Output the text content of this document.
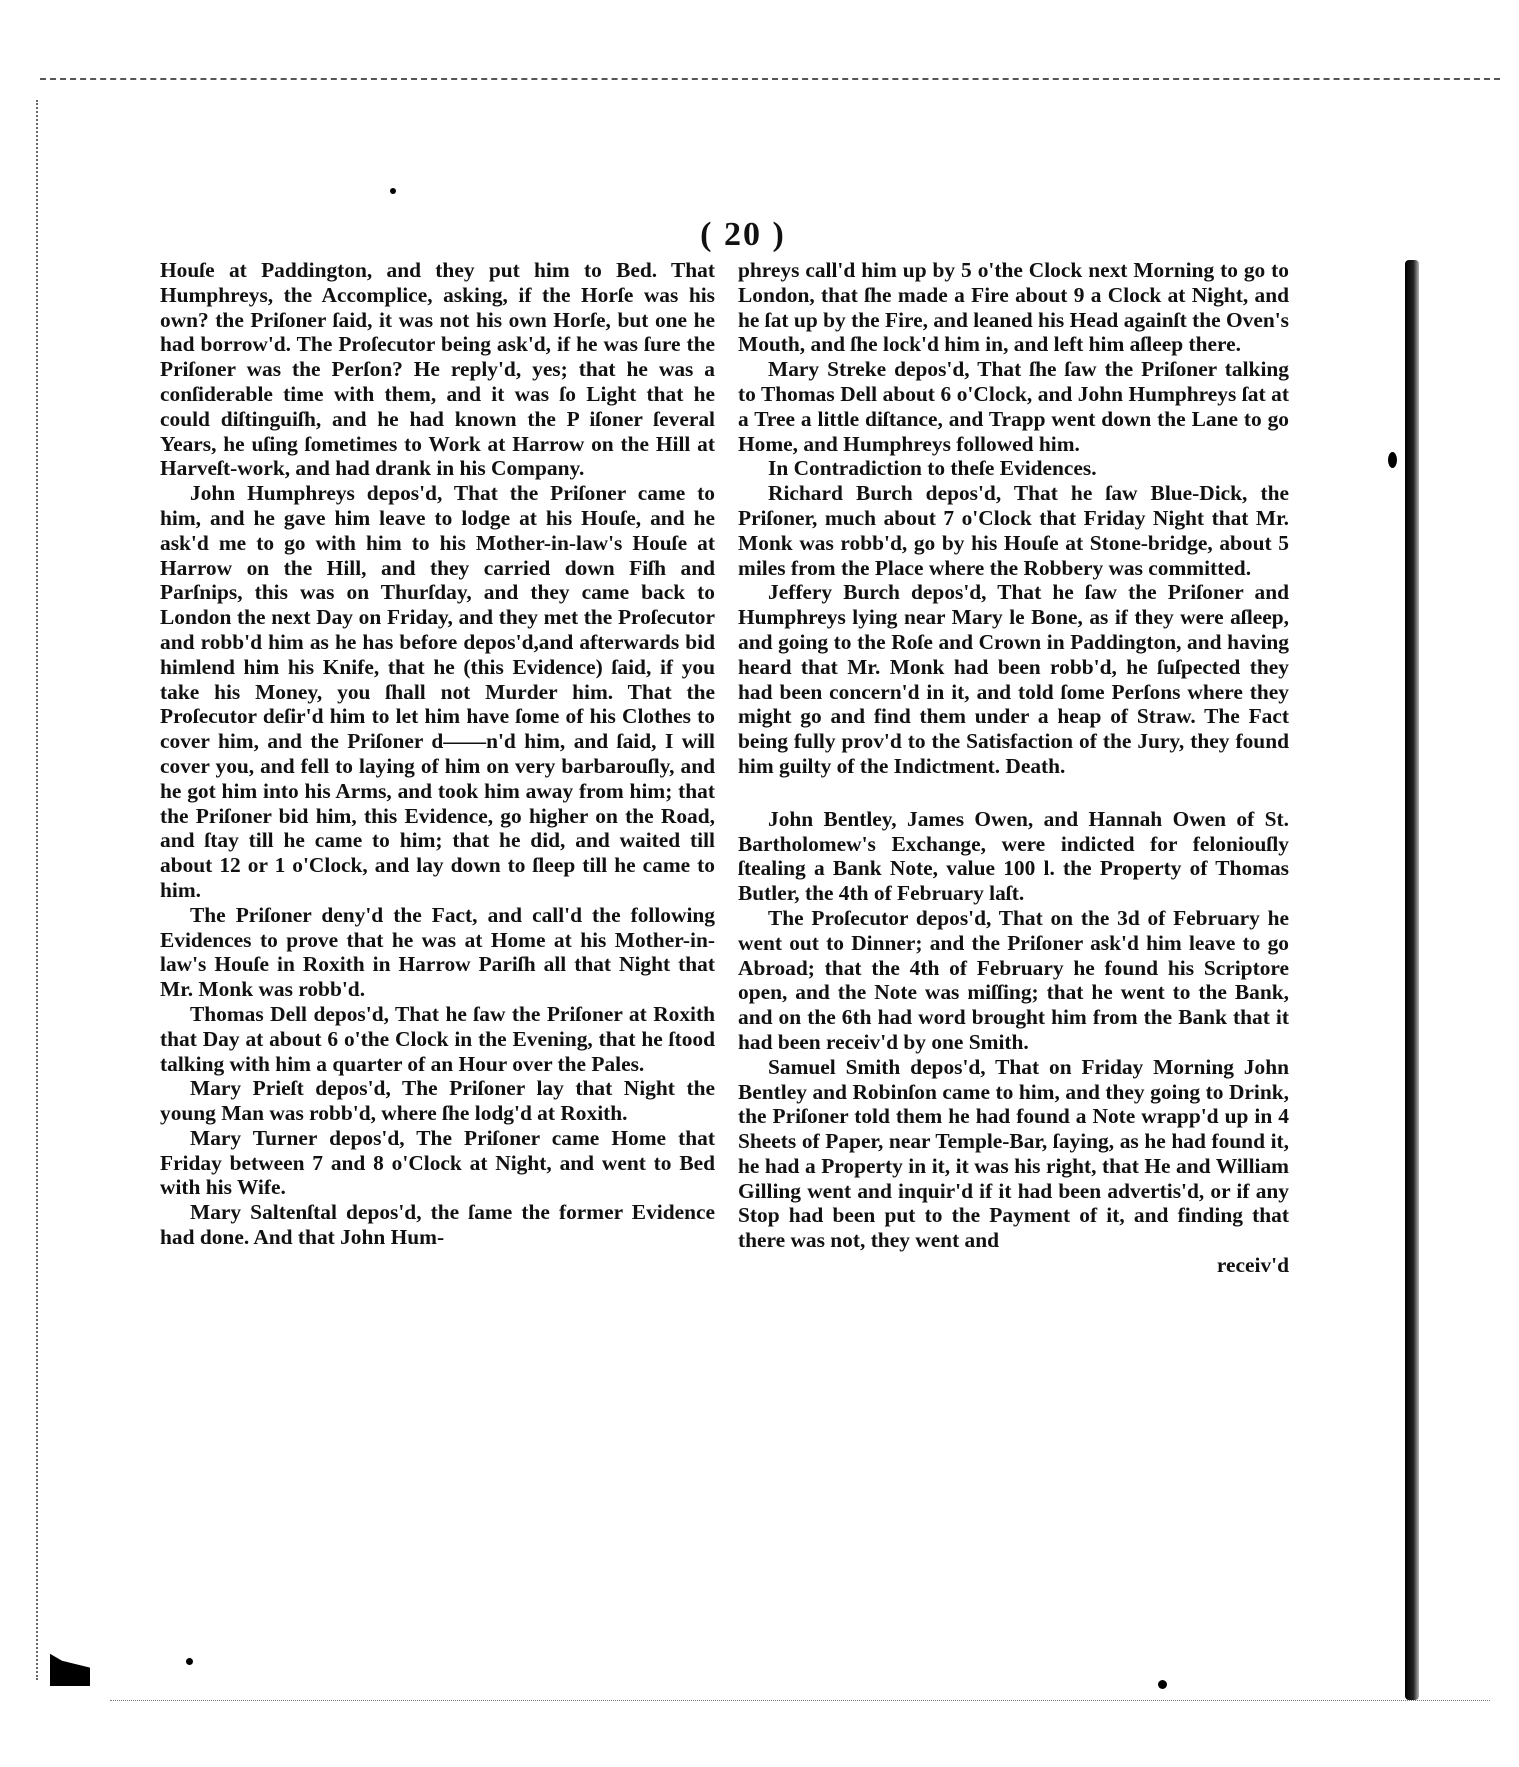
( 20 )

Houſe at Paddington, and they put him to Bed. That Humphreys, the Accomplice, asking, if the Horſe was his own? the Priſoner ſaid, it was not his own Horſe, but one he had borrow'd. The Proſecutor being ask'd, if he was ſure the Priſoner was the Perſon? He reply'd, yes; that he was a conſiderable time with them, and it was ſo Light that he could diſtinguiſh, and he had known the P iſoner ſeveral Years, he uſing ſometimes to Work at Harrow on the Hill at Harveſt-work, and had drank in his Company.

John Humphreys depos'd, That the Priſoner came to him, and he gave him leave to lodge at his Houſe, and he ask'd me to go with him to his Mother-in-law's Houſe at Harrow on the Hill, and they carried down Fiſh and Parſnips, this was on Thurſday, and they came back to London the next Day on Friday, and they met the Proſecutor and robb'd him as he has before depos'd,and afterwards bid himlend him his Knife, that he (this Evidence) ſaid, if you take his Money, you ſhall not Murder him. That the Proſecutor deſir'd him to let him have ſome of his Clothes to cover him, and the Priſoner d——n'd him, and ſaid, I will cover you, and fell to laying of him on very barbarouſly, and he got him into his Arms, and took him away from him; that the Priſoner bid him, this Evidence, go higher on the Road, and ſtay till he came to him; that he did, and waited till about 12 or 1 o'Clock, and lay down to ſleep till he came to him.

The Priſoner deny'd the Fact, and call'd the following Evidences to prove that he was at Home at his Mother-in-law's Houſe in Roxith in Harrow Pariſh all that Night that Mr. Monk was robb'd.

Thomas Dell depos'd, That he ſaw the Priſoner at Roxith that Day at about 6 o'the Clock in the Evening, that he ſtood talking with him a quarter of an Hour over the Pales.

Mary Prieſt depos'd, The Priſoner lay that Night the young Man was robb'd, where ſhe lodg'd at Roxith.

Mary Turner depos'd, The Priſoner came Home that Friday between 7 and 8 o'Clock at Night, and went to Bed with his Wife.

Mary Saltenſtal depos'd, the ſame the former Evidence had done. And that John Hum-

phreys call'd him up by 5 o'the Clock next Morning to go to London, that ſhe made a Fire about 9 a Clock at Night, and he ſat up by the Fire, and leaned his Head againſt the Oven's Mouth, and ſhe lock'd him in, and left him aſleep there.

Mary Streke depos'd, That ſhe ſaw the Priſoner talking to Thomas Dell about 6 o'Clock, and John Humphreys ſat at a Tree a little diſtance, and Trapp went down the Lane to go Home, and Humphreys followed him.

In Contradiction to theſe Evidences.

Richard Burch depos'd, That he ſaw Blue-Dick, the Priſoner, much about 7 o'Clock that Friday Night that Mr. Monk was robb'd, go by his Houſe at Stone-bridge, about 5 miles from the Place where the Robbery was committed.

Jeffery Burch depos'd, That he ſaw the Priſoner and Humphreys lying near Mary le Bone, as if they were aſleep, and going to the Roſe and Crown in Paddington, and having heard that Mr. Monk had been robb'd, he ſuſpected they had been concern'd in it, and told ſome Perſons where they might go and find them under a heap of Straw. The Fact being fully prov'd to the Satisfaction of the Jury, they found him guilty of the Indictment. Death.

John Bentley, James Owen, and Hannah Owen of St. Bartholomew's Exchange, were indicted for feloniouſly ſtealing a Bank Note, value 100 l. the Property of Thomas Butler, the 4th of February laſt.

The Proſecutor depos'd, That on the 3d of February he went out to Dinner; and the Priſoner ask'd him leave to go Abroad; that the 4th of February he found his Scriptore open, and the Note was miſſing; that he went to the Bank, and on the 6th had word brought him from the Bank that it had been receiv'd by one Smith.

Samuel Smith depos'd, That on Friday Morning John Bentley and Robinſon came to him, and they going to Drink, the Priſoner told them he had found a Note wrapp'd up in 4 Sheets of Paper, near Temple-Bar, ſaying, as he had found it, he had a Property in it, it was his right, that He and William Gilling went and inquir'd if it had been advertis'd, or if any Stop had been put to the Payment of it, and finding that there was not, they went and

receiv'd
